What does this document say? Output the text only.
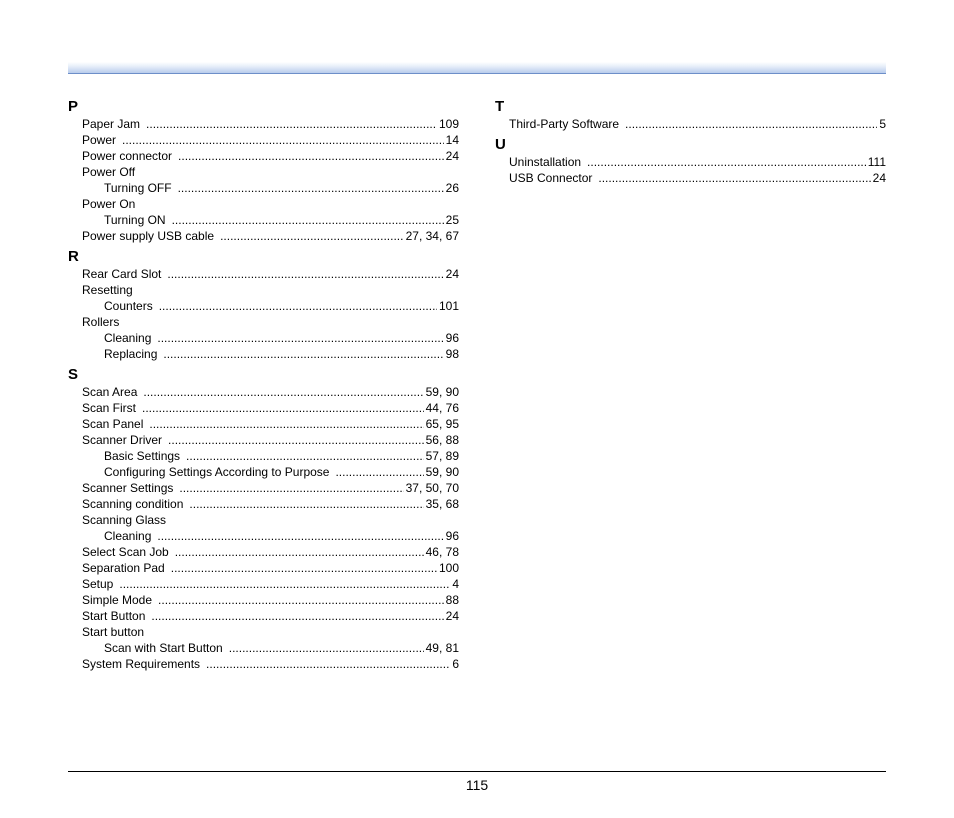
P
Paper Jam .....	109
Power .....	14
Power connector .....	24
Power Off
Turning OFF .....	26
Power On
Turning ON .....	25
Power supply USB cable .....	27, 34, 67
R
Rear Card Slot .....	24
Resetting
Counters .....	101
Rollers
Cleaning .....	96
Replacing .....	98
S
Scan Area .....	59, 90
Scan First .....	44, 76
Scan Panel .....	65, 95
Scanner Driver .....	56, 88
Basic Settings .....	57, 89
Configuring Settings According to Purpose .....	59, 90
Scanner Settings .....	37, 50, 70
Scanning condition .....	35, 68
Scanning Glass
Cleaning .....	96
Select Scan Job .....	46, 78
Separation Pad .....	100
Setup .....	4
Simple Mode .....	88
Start Button .....	24
Start button
Scan with Start Button .....	49, 81
System Requirements .....	6
T
Third-Party Software .....	5
U
Uninstallation .....	111
USB Connector .....	24
115
